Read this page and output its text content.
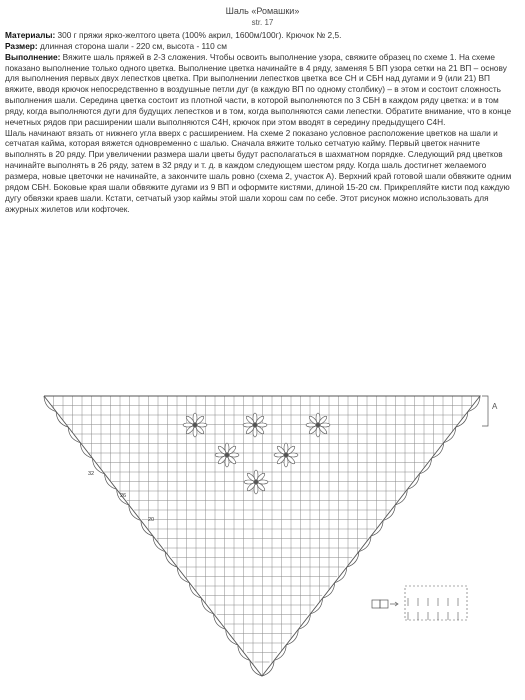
Шаль «Ромашки»
str. 17

Материалы: 300 г пряжи ярко-желтого цвета (100% акрил, 1600м/100г). Крючок № 2,5.

Размер: длинная сторона шали - 220 см, высота - 110 см

Выполнение: Вяжите шаль пряжей в 2-3 сложения. Чтобы освоить выполнение узора, свяжите образец по схеме 1. На схеме показано выполнение только одного цветка. Выполнение цветка начинайте в 4 ряду, заменяя 5 ВП узора сетки на 21 ВП – основу для выполнения первых двух лепестков цветка. При выполнении лепестков цветка все СН и СБН над дугами и 9 (или 21) ВП вяжите, вводя крючок непосредственно в воздушные петли дуг (в каждую ВП по одному столбику) – в этом и состоит сложность выполнения шали. Середина цветка состоит из плотной части, в которой выполняются по 3 СБН в каждом ряду цветка: и в том ряду, когда выполняются дуги для будущих лепестков и в том, когда выполняются сами лепестки. Обратите внимание, что в конце нечетных рядов при расширении шали выполняются С4Н, крючок при этом вводят в середину предыдущего С4Н.

Шаль начинают вязать от нижнего угла вверх с расширением. На схеме 2 показано условное расположение цветков на шали и сетчатая кайма, которая вяжется одновременно с шалью. Сначала вяжите только сетчатую кайму. Первый цветок начните выполнять в 20 ряду. При увеличении размера шали цветы будут располагаться в шахматном порядке. Следующий ряд цветков начинайте выполнять в 26 ряду, затем в 32 ряду и т. д. в каждом следующем шестом ряду. Когда шаль достигнет желаемого размера, новые цветочки не начинайте, а закончите шаль ровно (схема 2, участок А). Верхний край готовой шали обвяжите одним рядом СБН. Боковые края шали обвяжите дугами из 9 ВП и оформите кистями, длиной 15-20 см. Прикрепляйте кисти под каждую дугу обвязки краев шали. Кстати, сетчатый узор каймы этой шали хорош сам по себе. Этот рисунок можно использовать для ажурных жилетов или кофточек.

A
32
26
20
